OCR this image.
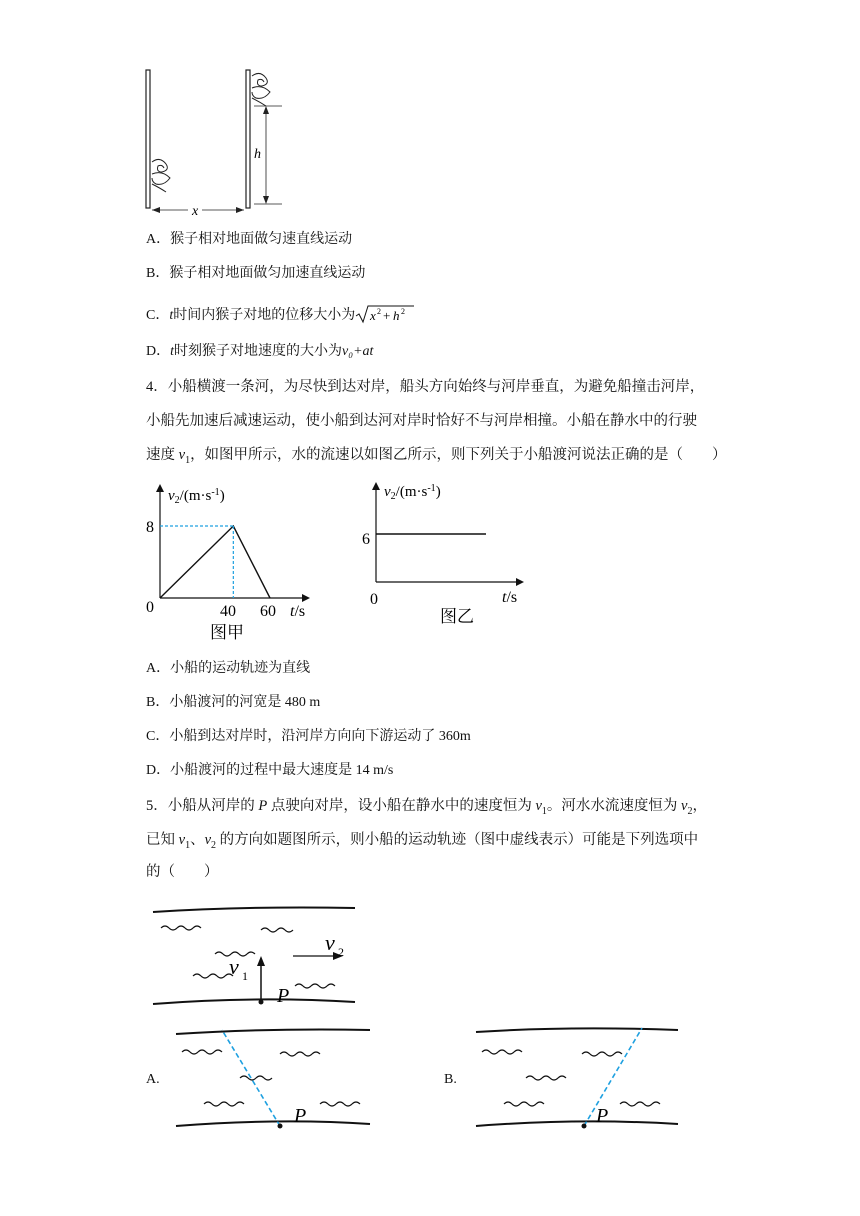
h
x
A．猴子相对地面做匀速直线运动
B．猴子相对地面做匀加速直线运动
C．t时间内猴子对地的位移大小为 x 2 + h 2
D．t时刻猴子对地速度的大小为v₀+at
4．小船横渡一条河，为尽快到达对岸，船头方向始终与河岸垂直，为避免船撞击河岸，
小船先加速后减速运动，使小船到达河对岸时恰好不与河岸相撞。小船在静水中的行驶
速度 $v_1$，如图甲所示，水的流速以如图乙所示，则下列关于小船渡河说法正确的是（　　）
$v_2/(m\cdot s^{-1})$
t/s
8
0	40 60
图甲
$v_2/(m\cdot s^{-1})$
6
0	t/s
图乙
A．小船的运动轨迹为直线
B．小船渡河的河宽是 480 m
C．小船到达对岸时，沿河岸方向向下游运动了 360m
D．小船渡河的过程中最大速度是 14 m/s
5．小船从河岸的 P 点驶向对岸，设小船在静水中的速度恒为 $v_1$。河水水流速度恒为 $v_2$，
已知 $v_1$、$v_2$ 的方向如题图所示，则小船的运动轨迹（图中虚线表示）可能是下列选项中
的（　　）
v 1
v 2
P
A.
P
B.
P
